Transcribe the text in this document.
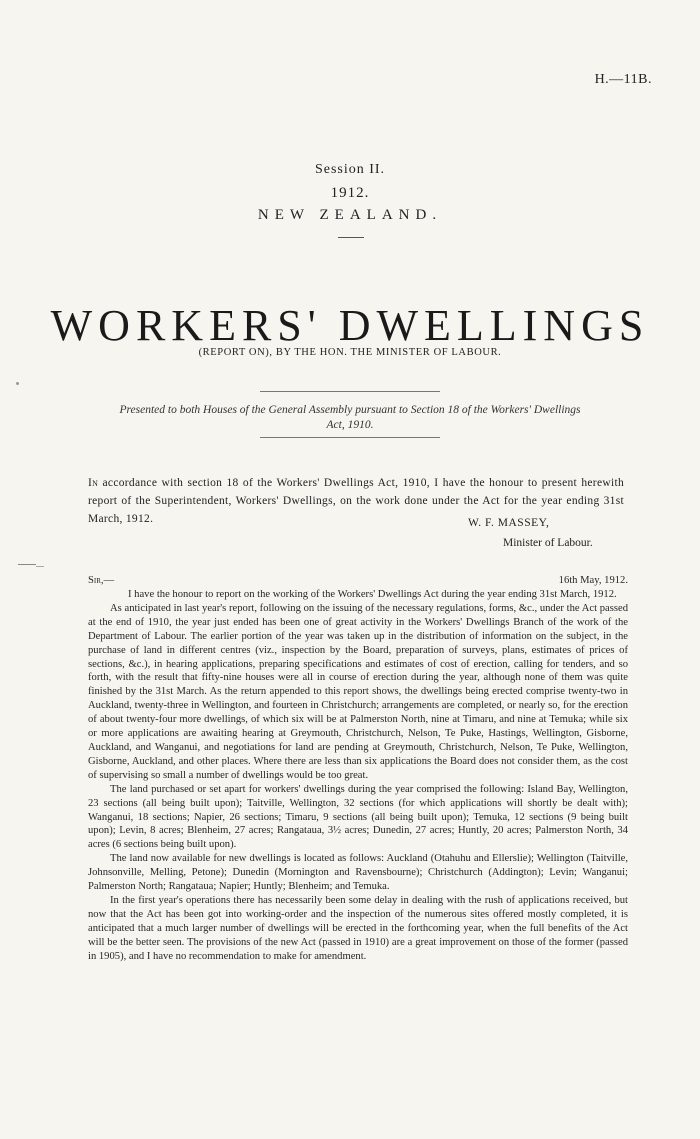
H.—11B.
Session II.
1912.
NEW ZEALAND.
WORKERS' DWELLINGS
(REPORT ON), BY THE HON. THE MINISTER OF LABOUR.
Presented to both Houses of the General Assembly pursuant to Section 18 of the Workers' Dwellings
Act, 1910.
In accordance with section 18 of the Workers' Dwellings Act, 1910, I have the honour to present herewith report of the Superintendent, Workers' Dwellings, on the work done under the Act for the year ending 31st March, 1912.	W. F. MASSEY,
Minister of Labour.
Sir,—	16th May, 1912.

I have the honour to report on the working of the Workers' Dwellings Act during the year ending 31st March, 1912.

As anticipated in last year's report, following on the issuing of the necessary regulations, forms, &c., under the Act passed at the end of 1910, the year just ended has been one of great activity in the Workers' Dwellings Branch of the work of the Department of Labour. The earlier portion of the year was taken up in the distribution of information on the subject, in the purchase of land in different centres (viz., inspection by the Board, preparation of surveys, plans, estimates of prices of sections, &c.), in hearing applications, preparing specifications and estimates of cost of erection, calling for tenders, and so forth, with the result that fifty-nine houses were all in course of erection during the year, although none of them was quite finished by the 31st March. As the return appended to this report shows, the dwellings being erected comprise twenty-two in Auckland, twenty-three in Wellington, and fourteen in Christchurch; arrangements are completed, or nearly so, for the erection of about twenty-four more dwellings, of which six will be at Palmerston North, nine at Timaru, and nine at Temuka; while six or more applications are awaiting hearing at Greymouth, Christchurch, Nelson, Te Puke, Hastings, Wellington, Gisborne, Auckland, and Wanganui, and negotiations for land are pending at Greymouth, Christchurch, Nelson, Te Puke, Wellington, Gisborne, Auckland, and other places. Where there are less than six applications the Board does not consider them, as the cost of supervising so small a number of dwellings would be too great.

The land purchased or set apart for workers' dwellings during the year comprised the following: Island Bay, Wellington, 23 sections (all being built upon); Taitville, Wellington, 32 sections (for which applications will shortly be dealt with); Wanganui, 18 sections; Napier, 26 sections; Timaru, 9 sections (all being built upon); Temuka, 12 sections (9 being built upon); Levin, 8 acres; Blenheim, 27 acres; Rangataua, 3½ acres; Dunedin, 27 acres; Huntly, 20 acres; Palmerston North, 34 acres (6 sections being built upon).

The land now available for new dwellings is located as follows: Auckland (Otahuhu and Ellerslie); Wellington (Taitville, Johnsonville, Melling, Petone); Dunedin (Mornington and Ravensbourne); Christchurch (Addington); Levin; Wanganui; Palmerston North; Rangataua; Napier; Huntly; Blenheim; and Temuka.

In the first year's operations there has necessarily been some delay in dealing with the rush of applications received, but now that the Act has been got into working-order and the inspection of the numerous sites offered mostly completed, it is anticipated that a much larger number of dwellings will be erected in the forthcoming year, when the full benefits of the Act will be the better seen. The provisions of the new Act (passed in 1910) are a great improvement on those of the former (passed in 1905), and I have no recommendation to make for amendment.
